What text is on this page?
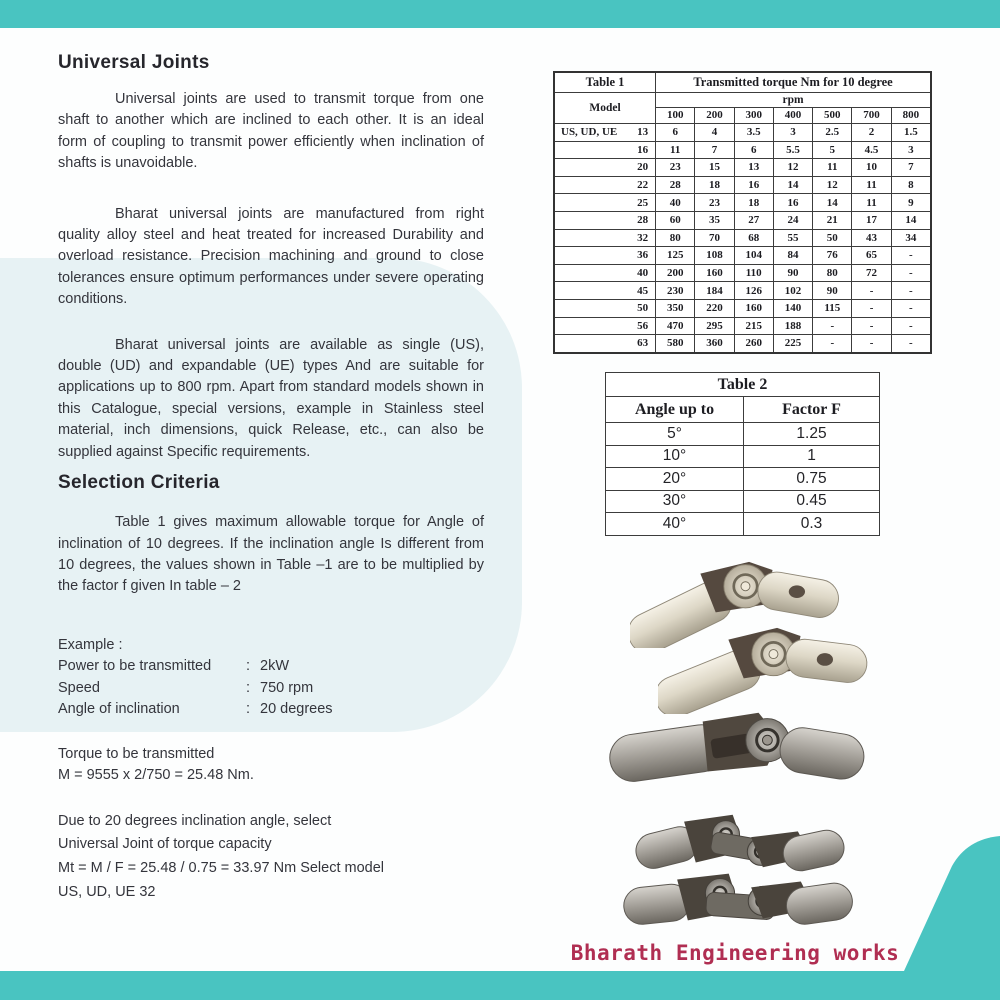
Universal Joints

Universal joints are used to transmit torque from one shaft to another which are inclined to each other. It is an ideal form of coupling to transmit power efficiently when inclination of shafts is unavoidable.

Bharat universal joints are manufactured from right quality alloy steel and heat treated for increased Durability and overload resistance. Precision machining and ground to close tolerances ensure optimum performances under severe operating conditions.

Bharat universal joints are available as single (US), double (UD) and expandable (UE) types And are suitable for applications up to 800 rpm. Apart from standard models shown in this Catalogue, special versions, example in Stainless steel material, inch dimensions, quick Release, etc., can also be supplied against Specific requirements.

Selection Criteria

Table 1 gives maximum allowable torque for Angle of inclination of 10 degrees. If the inclination angle Is different from 10 degrees, the values shown in Table –1 are to be multiplied by the factor f given In table – 2

Example :
Power to be transmitted	: 2kW
Speed	: 750 rpm
Angle of inclination	: 20 degrees
Torque to be transmitted
M = 9555 x 2/750 = 25.48 Nm.
Due to 20 degrees inclination angle, select
Universal Joint of torque capacity
Mt = M / F = 25.48 / 0.75 = 33.97 Nm Select model
US, UD, UE 32
Table 1	Transmitted torque Nm for 10 degree						
Model	rpm						
	100	200	300	400	500	700	800

US, UD, UE 13	6	4	3.5	3	2.5	2	1.5

16	11	7	6	5.5	5	4.5	3

20	23	15	13	12	11	10	7

22	28	18	16	14	12	11	8

25	40	23	18	16	14	11	9

28	60	35	27	24	21	17	14

32	80	70	68	55	50	43	34

36	125	108	104	84	76	65	-

40	200	160	110	90	80	72	-

45	230	184	126	102	90	-	-

50	350	220	160	140	115	-	-

56	470	295	215	188	-	-	-

63	580	360	260	225	-	-	-
Table 2	
Angle up to	Factor F
5°	1.25
10°	1
20°	0.75
30°	0.45
40°	0.3
Bharath Engineering works
